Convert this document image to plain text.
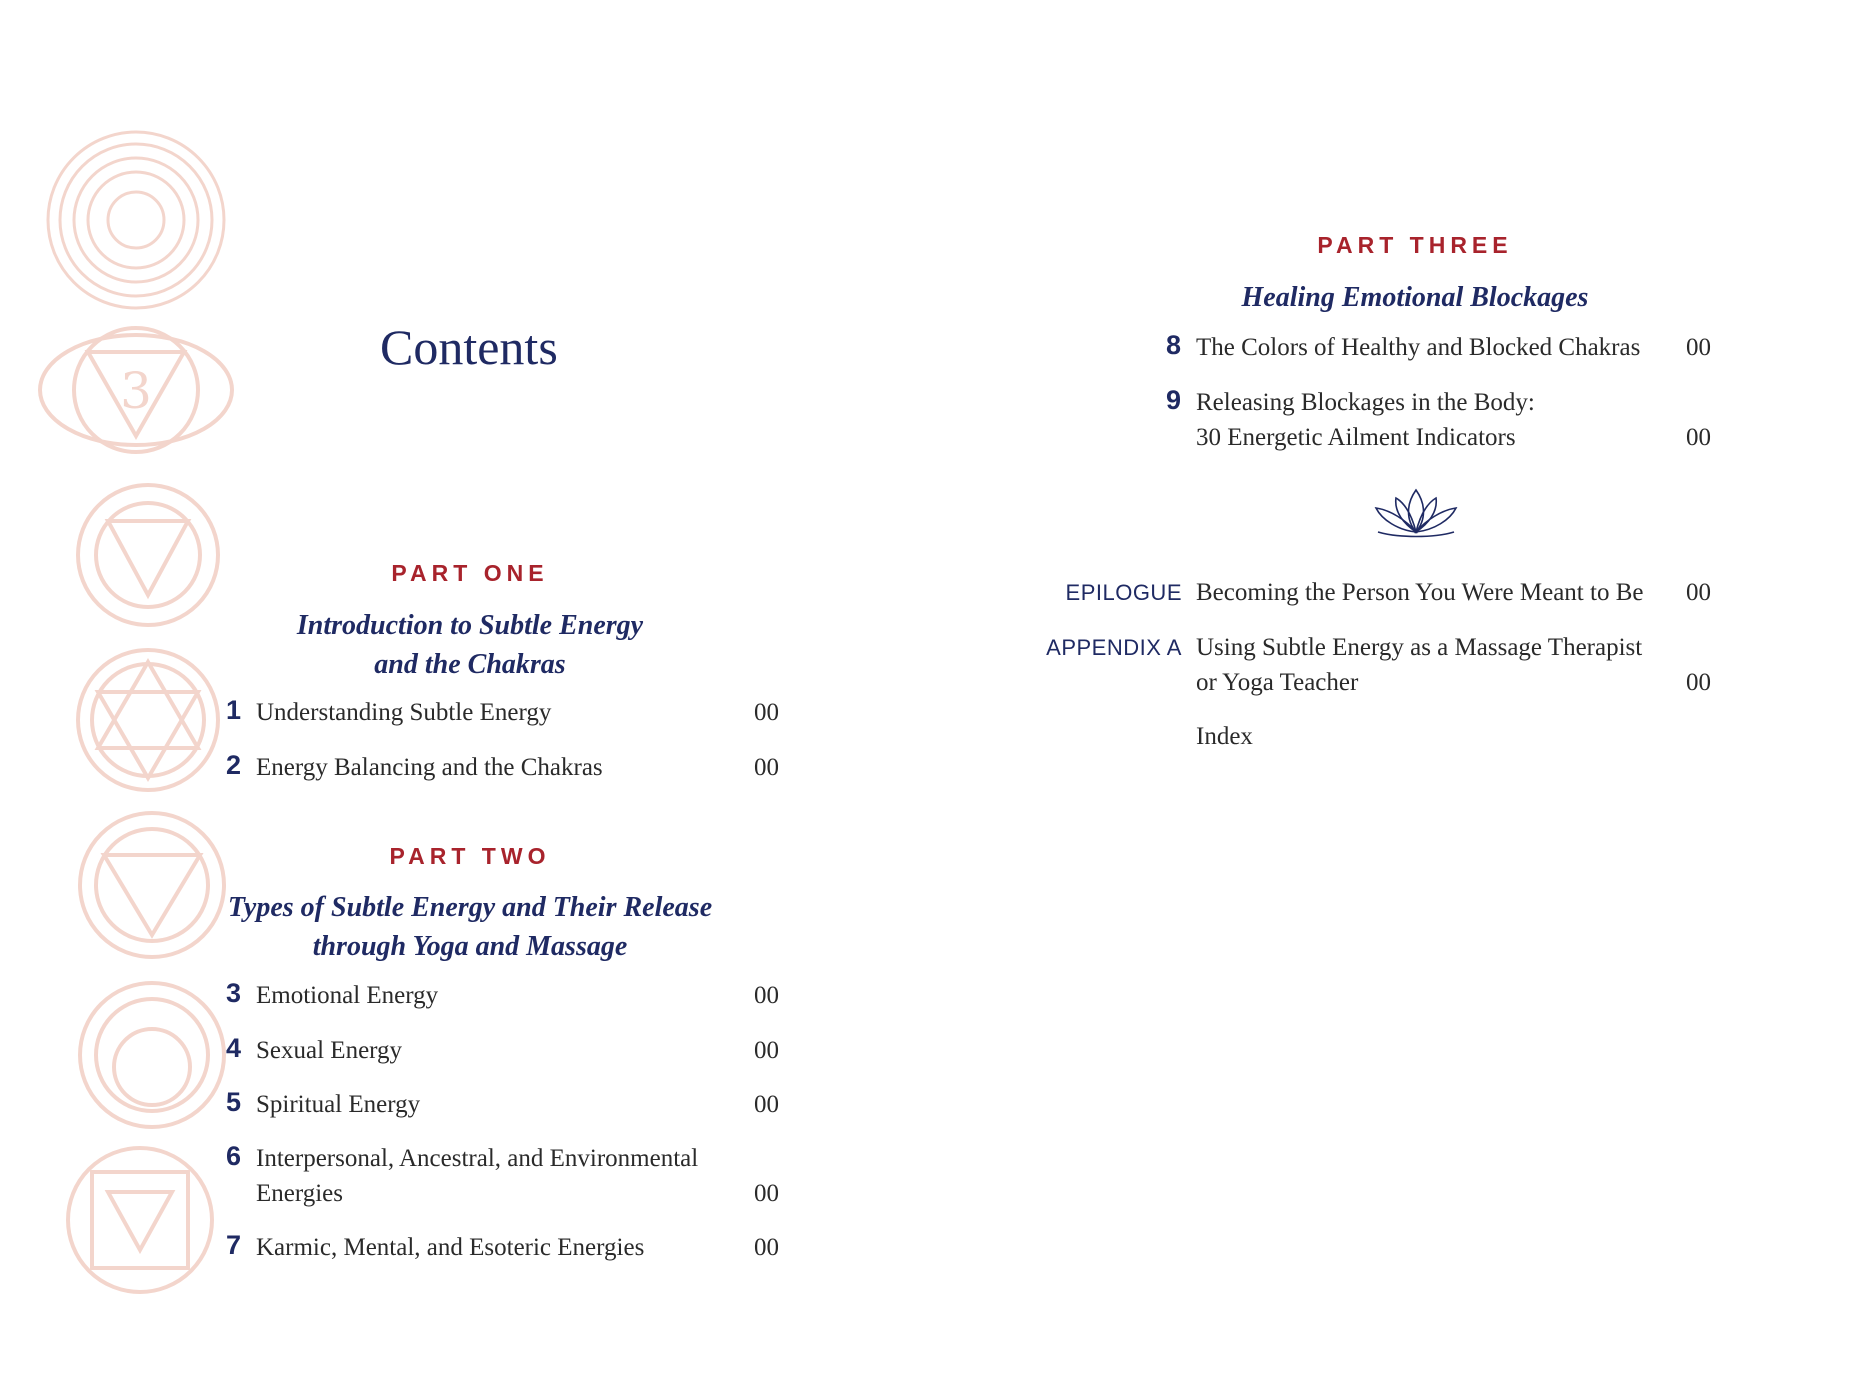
3
Contents

PART ONE

Introduction to Subtle Energy
and the Chakras

1 Understanding Subtle Energy	00
2 Energy Balancing and the Chakras	00

PART TWO

Types of Subtle Energy and Their Release
through Yoga and Massage

3 Emotional Energy	00
4 Sexual Energy	00
5 Spiritual Energy	00
6 Interpersonal, Ancestral, and Environmental
Energies	00
7 Karmic, Mental, and Esoteric Energies	00

PART THREE

Healing Emotional Blockages

8 The Colors of Healthy and Blocked Chakras 00
9 Releasing Blockages in the Body:
30 Energetic Ailment Indicators	00
EPILOGUE Becoming the Person You Were Meant to Be 00
APPENDIX A Using Subtle Energy as a Massage Therapist
or Yoga Teacher	00
Index
